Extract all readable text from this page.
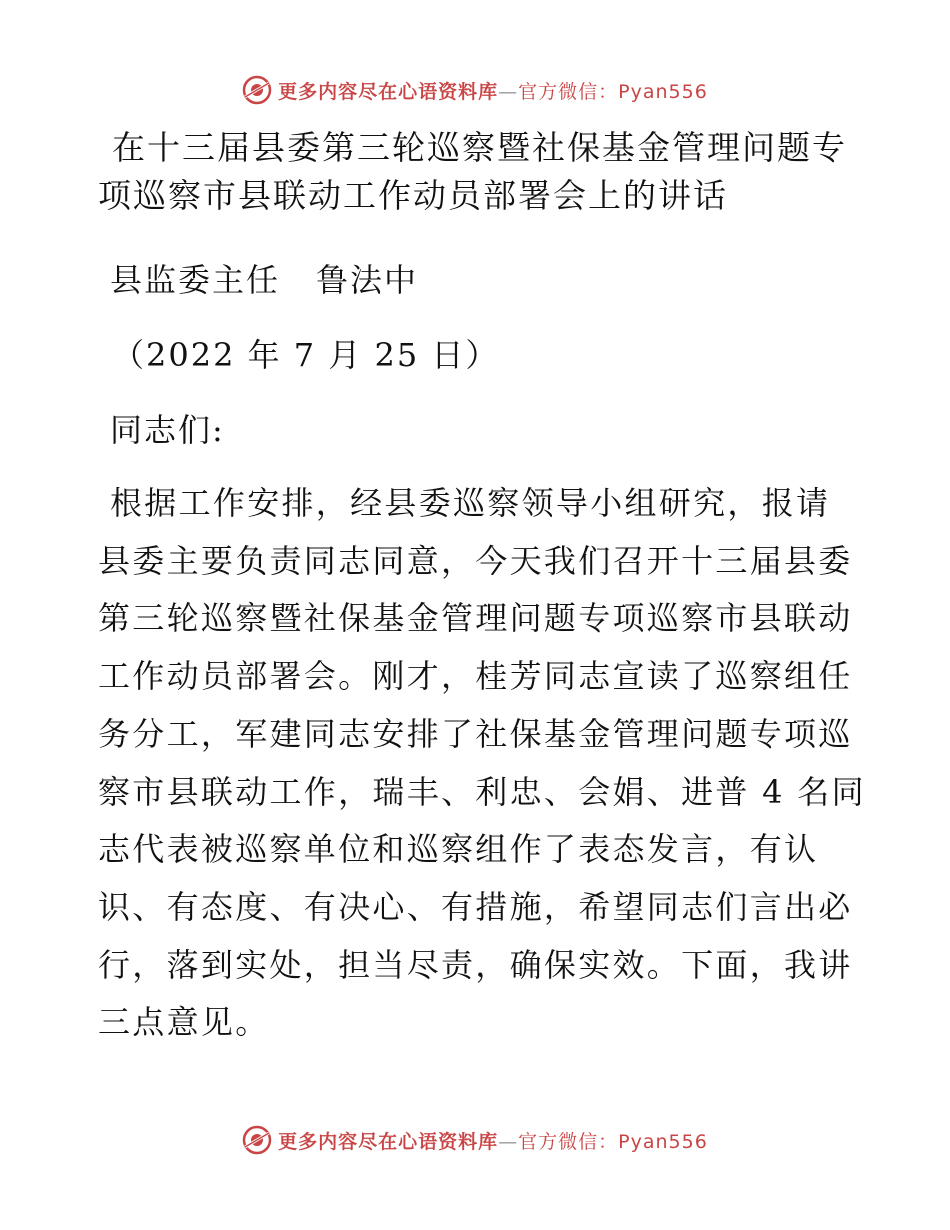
更多内容尽在心语资料库—官方微信：Pyan556
在十三届县委第三轮巡察暨社保基金管理问题专
项巡察市县联动工作动员部署会上的讲话
县监委主任 鲁法中
（2022 年 7 月 25 日）
同志们:
根据工作安排，经县委巡察领导小组研究，报请
县委主要负责同志同意，今天我们召开十三届县委
第三轮巡察暨社保基金管理问题专项巡察市县联动
工作动员部署会。刚才，桂芳同志宣读了巡察组任
务分工，军建同志安排了社保基金管理问题专项巡
察市县联动工作，瑞丰、利忠、会娟、进普 4 名同
志代表被巡察单位和巡察组作了表态发言，有认
识、有态度、有决心、有措施，希望同志们言出必
行，落到实处，担当尽责，确保实效。下面，我讲
三点意见。
更多内容尽在心语资料库—官方微信：Pyan556
